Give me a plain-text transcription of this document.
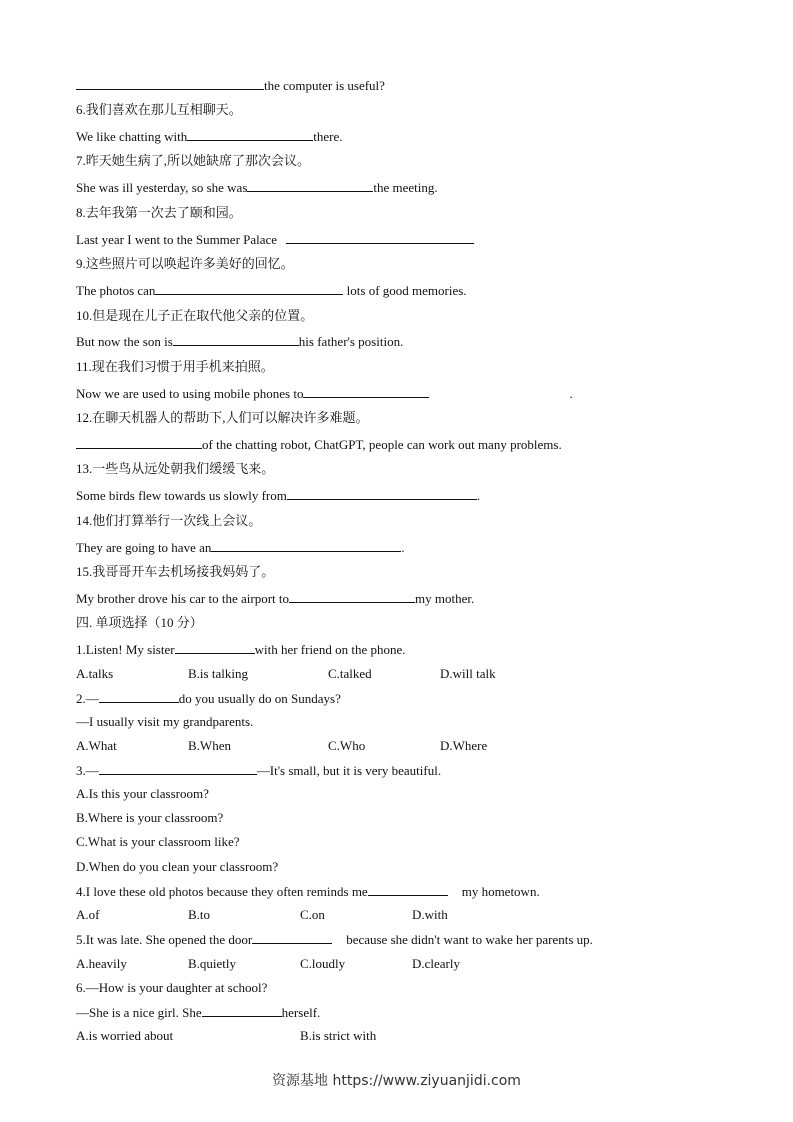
the computer is useful?
6.我们喜欢在那儿互相聊天。
We like chatting with	there.
7.昨天她生病了,所以她缺席了那次会议。
She was ill yesterday, so she was	the meeting.
8.去年我第一次去了颐和园。
Last year I went to the Summer Palace
9.这些照片可以唤起许多美好的回忆。
The photos can	lots of good memories.
10.但是现在儿子正在取代他父亲的位置。
But now the son is	his father's position.
11.现在我们习惯于用手机来拍照。
Now we are used to using mobile phones to	.
12.在聊天机器人的帮助下,人们可以解决许多难题。
of the chatting robot, ChatGPT, people can work out many problems.
13.一些鸟从远处朝我们缓缓飞来。
Some birds flew towards us slowly from	.
14.他们打算举行一次线上会议。
They are going to have an	.
15.我哥哥开车去机场接我妈妈了。
My brother drove his car to the airport to	my mother.
四. 单项选择（10 分）
1.Listen! My sister	with her friend on the phone.
A.talks	B.is talking	C.talked	D.will talk
2.—	do you usually do on Sundays?
—I usually visit my grandparents.
A.What	B.When	C.Who	D.Where
3.—	—It's small, but it is very beautiful.
A.Is this your classroom?
B.Where is your classroom?
C.What is your classroom like?
D.When do you clean your classroom?
4.I love these old photos because they often reminds me	my hometown.
A.of	B.to	C.on	D.with
5.It was late. She opened the door	because she didn't want to wake her parents up.
A.heavily	B.quietly	C.loudly	D.clearly
6.—How is your daughter at school?
—She is a nice girl. She	herself.
A.is worried about	B.is strict with
资源基地 https://www.ziyuanjidi.com
